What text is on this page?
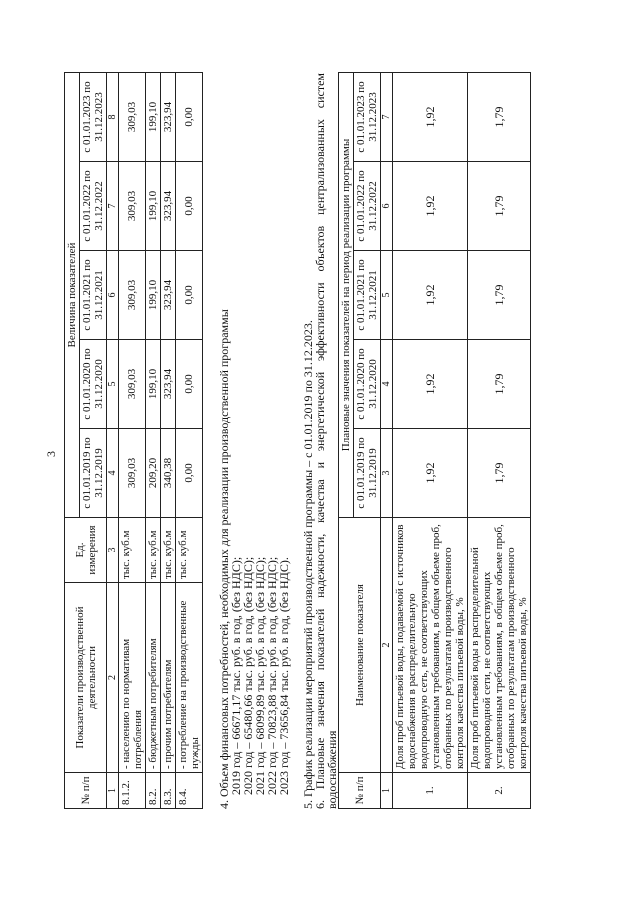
3
№ п/п	Показатели производственной деятельности	Ед. измерения	Величина показателей				
			с 01.01.2019 по 31.12.2019	с 01.01.2020 по 31.12.2020	с 01.01.2021 по 31.12.2021	с 01.01.2022 по 31.12.2022	с 01.01.2023 по 31.12.2023
1	2	3	4	5	6	7	8
8.1.2.	- населению по нормативам потребления	тыс. куб.м	309,03	309,03	309,03	309,03	309,03
8.2.	- бюджетным потребителям	тыс. куб.м	209,20	199,10	199,10	199,10	199,10
8.3.	- прочим потребителям	тыс. куб.м	340,38	323,94	323,94	323,94	323,94
8.4.	- потребление на производственные нужды	тыс. куб.м	0,00	0,00	0,00	0,00	0,00
4. Объем финансовых потребностей, необходимых для реализации производственной программы
2019 год – 66671,17 тыс. руб. в год, (без НДС);
2020 год – 65480,66 тыс. руб. в год, (без НДС);
2021 год – 68099,89 тыс. руб. в год, (без НДС);
2022 год – 70823,88 тыс. руб. в год, (без НДС);
2023 год – 73656,84 тыс. руб. в год, (без НДС). 5. График реализации мероприятий производственной программы – с 01.01.2019 по 31.12.2023.
6. Плановые значения показателей надежности, качества и энергетической эффективности объектов централизованных систем
водоснабжения № п/п	Наименование показателя	Плановые значения показателей на период реализации программы				
		с 01.01.2019 по 31.12.2019	с 01.01.2020 по 31.12.2020	с 01.01.2021 по 31.12.2021	с 01.01.2022 по 31.12.2022	с 01.01.2023 по 31.12.2023
1	2	3	4	5	6	7
1.	Доля проб питьевой воды, подаваемой с источников водоснабжения в распределительную водопроводную сеть, не соответствующих установленным требованиям, в общем объеме проб, отобранных по результатам производственного контроля качества питьевой воды, %	1,92	1,92	1,92	1,92	1,92
2.	Доля проб питьевой воды в распределительной водопроводной сети, не соответствующих установленным требованиям, в общем объеме проб, отобранных по результатам производственного контроля качества питьевой воды, %	1,79	1,79	1,79	1,79	1,79
